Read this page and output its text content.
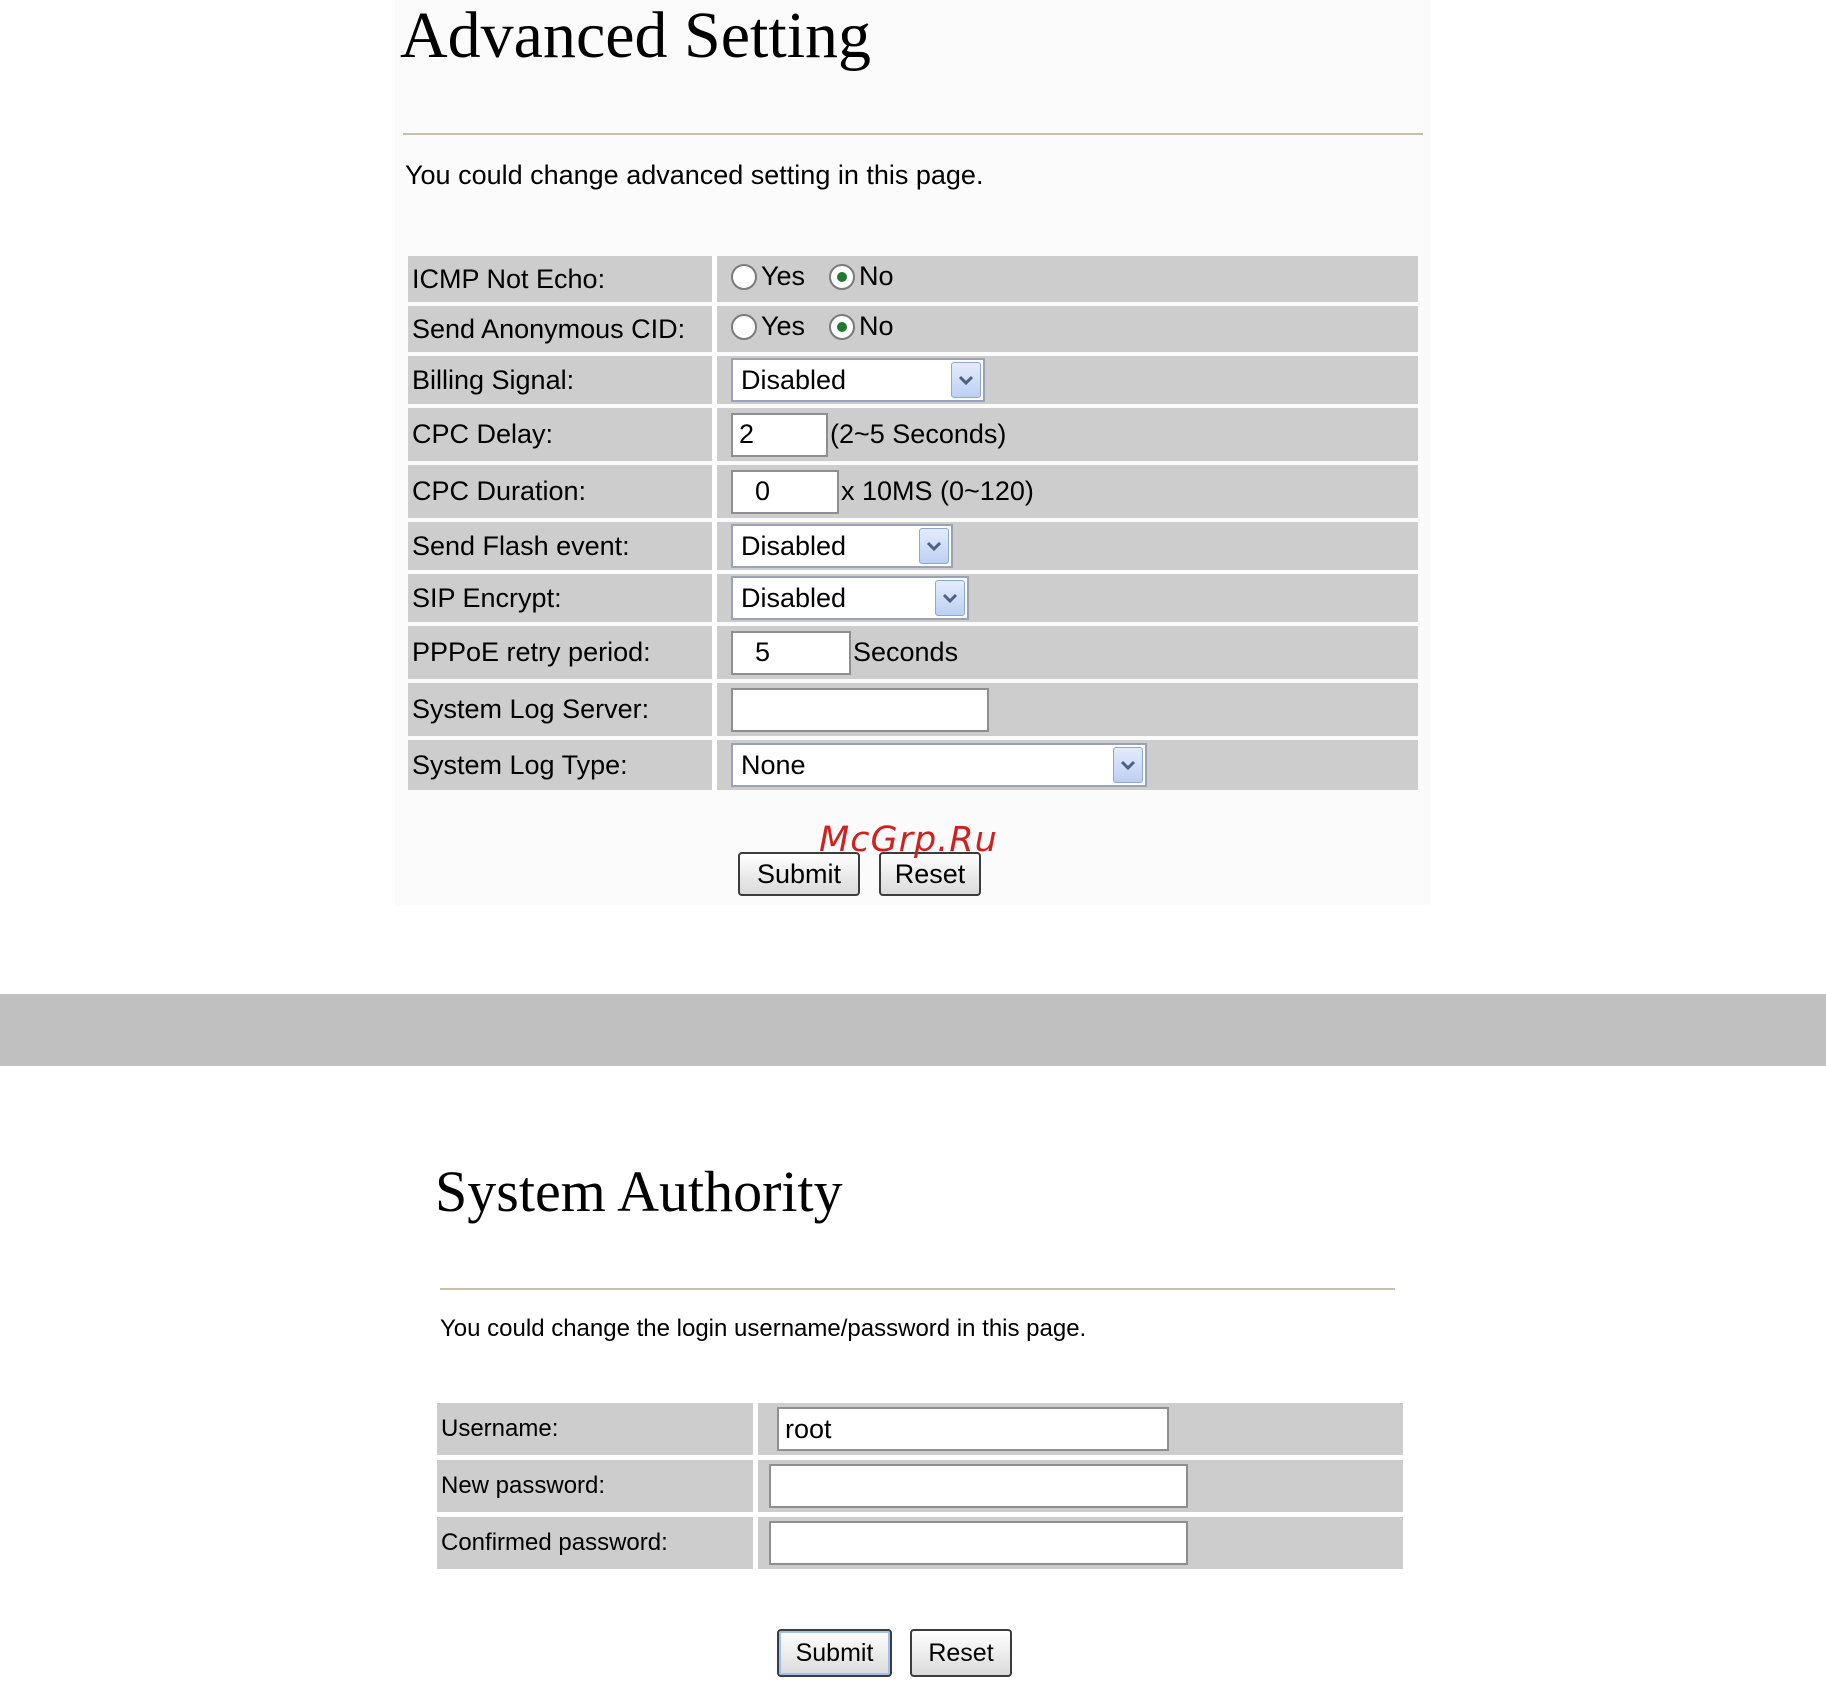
Advanced Setting
You could change advanced setting in this page.
ICMP Not Echo:	Yes No

Send Anonymous CID:	Yes No

Billing Signal:	Disabled

CPC Delay:	2 (2~5 Seconds)
CPC Duration:	0 x 10MS (0~120)
Send Flash event:	Disabled

SIP Encrypt:	Disabled

PPPoE retry period:	5 Seconds
System Log Server:	
System Log Type:	None
Submit	Reset
McGrp.Ru
System Authority
You could change the login username/password in this page.
Username:	root
New password:	
Confirmed password:	
Submit	Reset
